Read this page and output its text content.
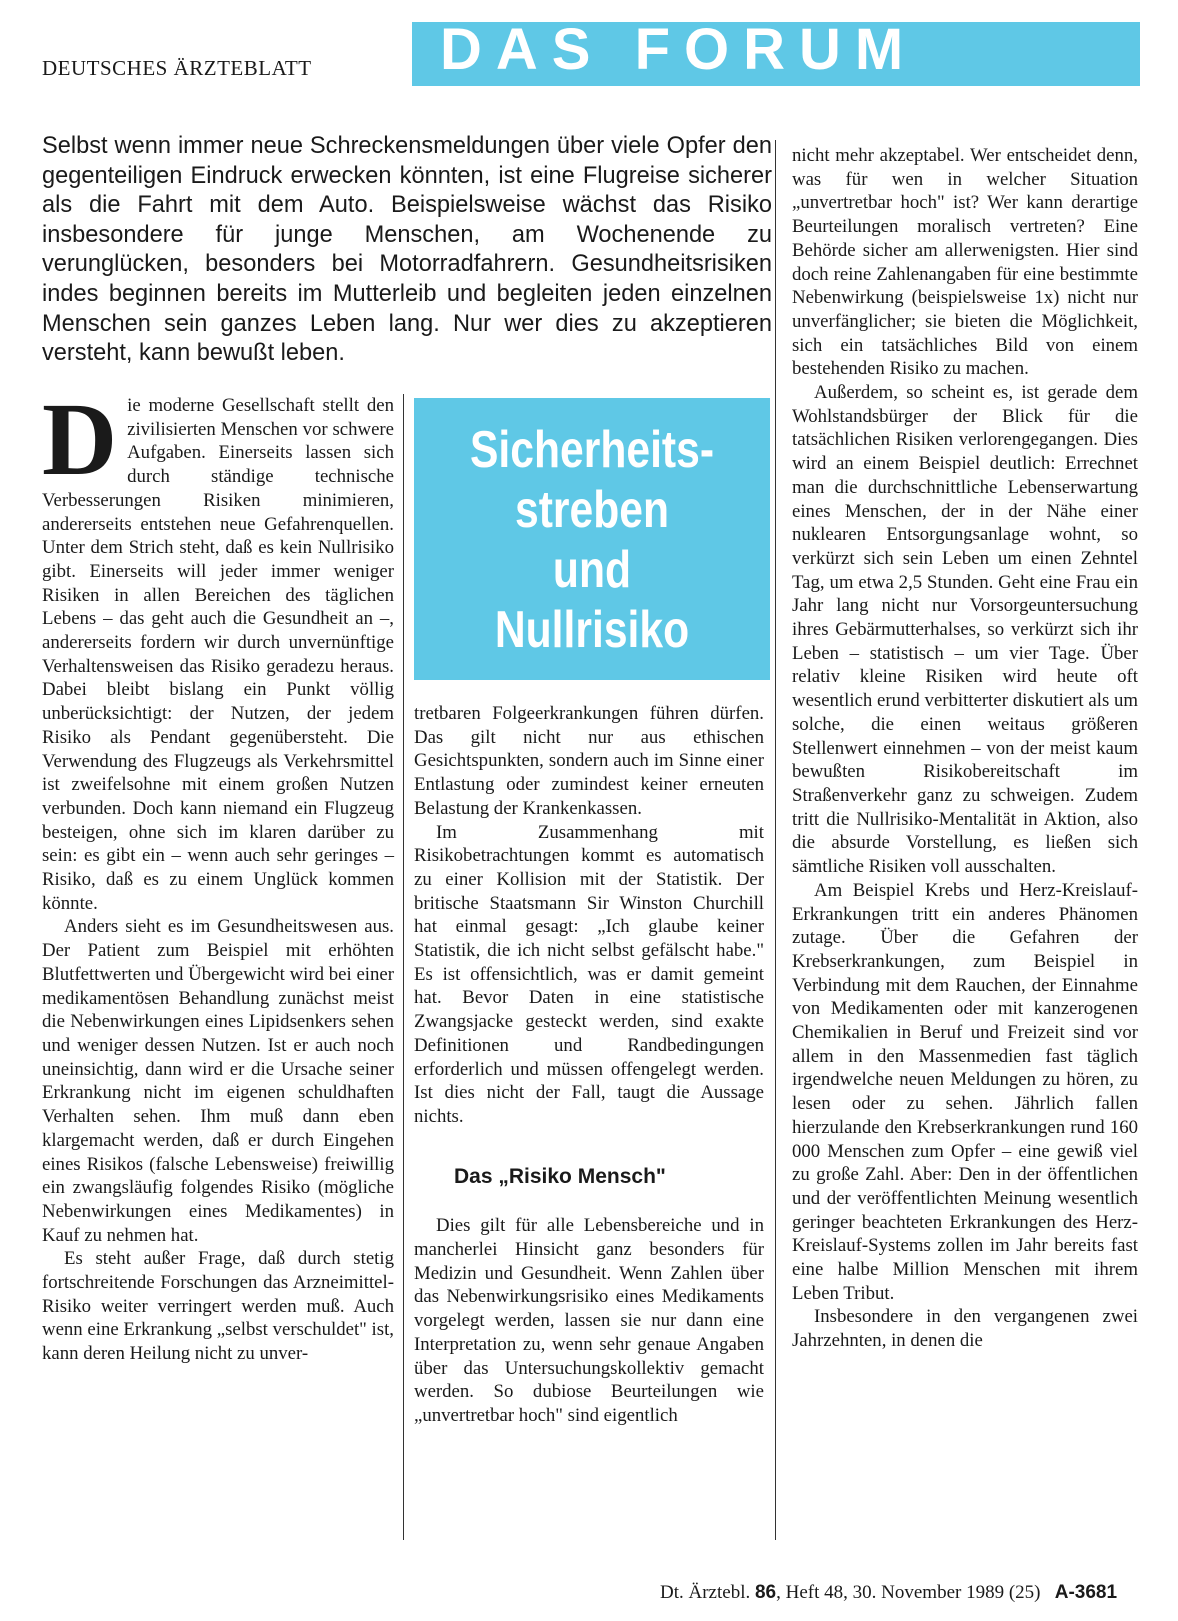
DEUTSCHES ÄRZTEBLATT DAS FORUM
Selbst wenn immer neue Schreckensmeldungen über viele Opfer den gegenteiligen Eindruck erwecken könnten, ist eine Flugreise sicherer als die Fahrt mit dem Auto. Beispielsweise wächst das Risiko insbesondere für junge Menschen, am Wochenende zu verunglücken, besonders bei Motorradfahrern. Gesundheitsrisiken indes beginnen bereits im Mutterleib und begleiten jeden einzelnen Menschen sein ganzes Leben lang. Nur wer dies zu akzeptieren versteht, kann bewußt leben.

Die moderne Gesellschaft stellt den zivilisierten Menschen vor schwere Aufgaben. Einerseits lassen sich durch ständige technische Verbesserungen Risiken minimieren, andererseits entstehen neue Gefahrenquellen. Unter dem Strich steht, daß es kein Nullrisiko gibt. Einerseits will jeder immer weniger Risiken in allen Bereichen des täglichen Lebens – das geht auch die Gesundheit an –, andererseits fordern wir durch unvernünftige Verhaltensweisen das Risiko geradezu heraus. Dabei bleibt bislang ein Punkt völlig unberücksichtigt: der Nutzen, der jedem Risiko als Pendant gegenübersteht. Die Verwendung des Flugzeugs als Verkehrsmittel ist zweifelsohne mit einem großen Nutzen verbunden. Doch kann niemand ein Flugzeug besteigen, ohne sich im klaren darüber zu sein: es gibt ein – wenn auch sehr geringes – Risiko, daß es zu einem Unglück kommen könnte.

Anders sieht es im Gesundheitswesen aus. Der Patient zum Beispiel mit erhöhten Blutfettwerten und Übergewicht wird bei einer medikamentösen Behandlung zunächst meist die Nebenwirkungen eines Lipidsenkers sehen und weniger dessen Nutzen. Ist er auch noch uneinsichtig, dann wird er die Ursache seiner Erkrankung nicht im eigenen schuldhaften Verhalten sehen. Ihm muß dann eben klargemacht werden, daß er durch Eingehen eines Risikos (falsche Lebensweise) freiwillig ein zwangsläufig folgendes Risiko (mögliche Nebenwirkungen eines Medikamentes) in Kauf zu nehmen hat.

Es steht außer Frage, daß durch stetig fortschreitende Forschungen das Arzneimittel-Risiko weiter verringert werden muß. Auch wenn eine Erkrankung „selbst verschuldet" ist, kann deren Heilung nicht zu unver-

Sicherheits-
streben
und
Nullrisiko

tretbaren Folgeerkrankungen führen dürfen. Das gilt nicht nur aus ethischen Gesichtspunkten, sondern auch im Sinne einer Entlastung oder zumindest keiner erneuten Belastung der Krankenkassen.

Im Zusammenhang mit Risikobetrachtungen kommt es automatisch zu einer Kollision mit der Statistik. Der britische Staatsmann Sir Winston Churchill hat einmal gesagt: „Ich glaube keiner Statistik, die ich nicht selbst gefälscht habe." Es ist offensichtlich, was er damit gemeint hat. Bevor Daten in eine statistische Zwangsjacke gesteckt werden, sind exakte Definitionen und Randbedingungen erforderlich und müssen offengelegt werden. Ist dies nicht der Fall, taugt die Aussage nichts.

Das „Risiko Mensch"

Dies gilt für alle Lebensbereiche und in mancherlei Hinsicht ganz besonders für Medizin und Gesundheit. Wenn Zahlen über das Nebenwirkungsrisiko eines Medikaments vorgelegt werden, lassen sie nur dann eine Interpretation zu, wenn sehr genaue Angaben über das Untersuchungskollektiv gemacht werden. So dubiose Beurteilungen wie „unvertretbar hoch" sind eigentlich

nicht mehr akzeptabel. Wer entscheidet denn, was für wen in welcher Situation „unvertretbar hoch" ist? Wer kann derartige Beurteilungen moralisch vertreten? Eine Behörde sicher am allerwenigsten. Hier sind doch reine Zahlenangaben für eine bestimmte Nebenwirkung (beispielsweise 1x) nicht nur unverfänglicher; sie bieten die Möglichkeit, sich ein tatsächliches Bild von einem bestehenden Risiko zu machen.

Außerdem, so scheint es, ist gerade dem Wohlstandsbürger der Blick für die tatsächlichen Risiken verlorengegangen. Dies wird an einem Beispiel deutlich: Errechnet man die durchschnittliche Lebenserwartung eines Menschen, der in der Nähe einer nuklearen Entsorgungsanlage wohnt, so verkürzt sich sein Leben um einen Zehntel Tag, um etwa 2,5 Stunden. Geht eine Frau ein Jahr lang nicht nur Vorsorgeuntersuchung ihres Gebärmutterhalses, so verkürzt sich ihr Leben – statistisch – um vier Tage. Über relativ kleine Risiken wird heute oft wesentlich erund verbitterter diskutiert als um solche, die einen weitaus größeren Stellenwert einnehmen – von der meist kaum bewußten Risikobereitschaft im Straßenverkehr ganz zu schweigen. Zudem tritt die Nullrisiko-Mentalität in Aktion, also die absurde Vorstellung, es ließen sich sämtliche Risiken voll ausschalten.

Am Beispiel Krebs und Herz-Kreislauf-Erkrankungen tritt ein anderes Phänomen zutage. Über die Gefahren der Krebserkrankungen, zum Beispiel in Verbindung mit dem Rauchen, der Einnahme von Medikamenten oder mit kanzerogenen Chemikalien in Beruf und Freizeit sind vor allem in den Massenmedien fast täglich irgendwelche neuen Meldungen zu hören, zu lesen oder zu sehen. Jährlich fallen hierzulande den Krebserkrankungen rund 160 000 Menschen zum Opfer – eine gewiß viel zu große Zahl. Aber: Den in der öffentlichen und der veröffentlichten Meinung wesentlich geringer beachteten Erkrankungen des Herz-Kreislauf-Systems zollen im Jahr bereits fast eine halbe Million Menschen mit ihrem Leben Tribut.

Insbesondere in den vergangenen zwei Jahrzehnten, in denen die

Dt. Ärztebl. 86, Heft 48, 30. November 1989 (25) A-3681
